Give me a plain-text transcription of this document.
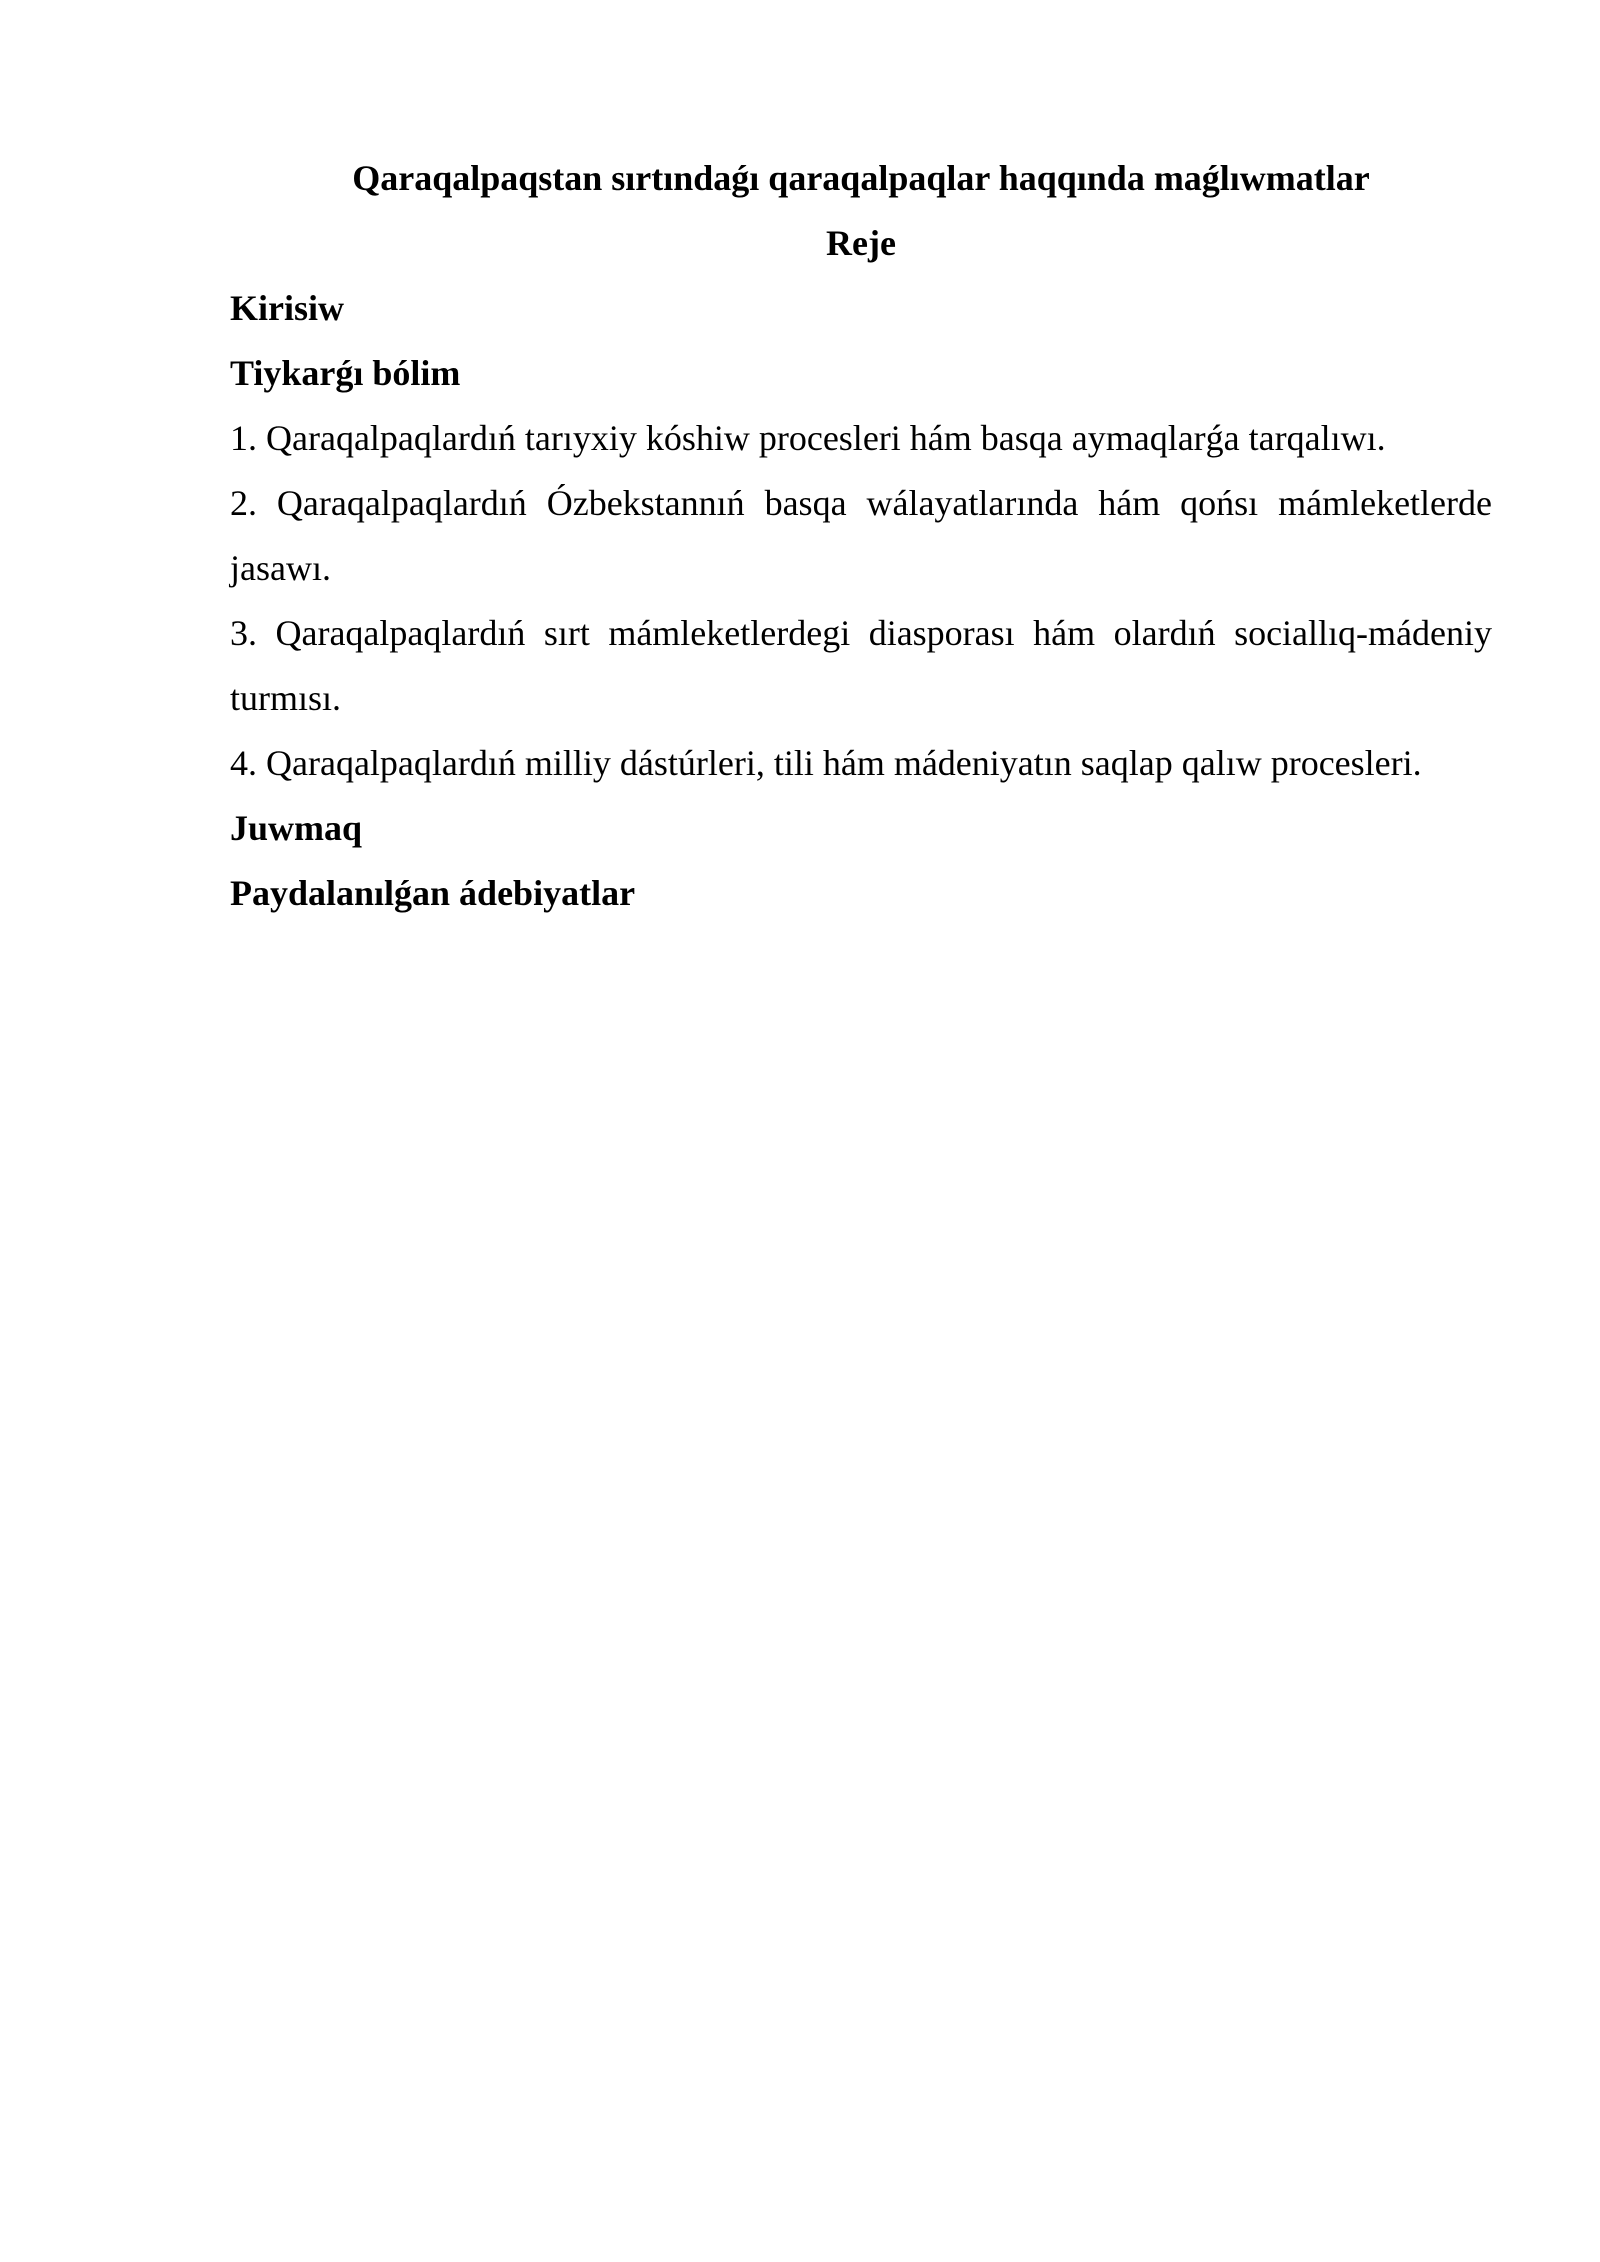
Qaraqalpaqstan sırtındaǵı qaraqalpaqlar haqqında maǵlıwmatlar

Reje

Kirisiw

Tiykarǵı bólim

1. Qaraqalpaqlardıń tarıyxiy kóshiw procesleri hám basqa aymaqlarǵa tarqalıwı.

2. Qaraqalpaqlardıń Ózbekstannıń basqa wálayatlarında hám qońsı mámleketlerde jasawı.

3. Qaraqalpaqlardıń sırt mámleketlerdegi diasporası hám olardıń sociallıq-mádeniy turmısı.

4. Qaraqalpaqlardıń milliy dástúrleri, tili hám mádeniyatın saqlap qalıw procesleri.

Juwmaq

Paydalanılǵan ádebiyatlar
